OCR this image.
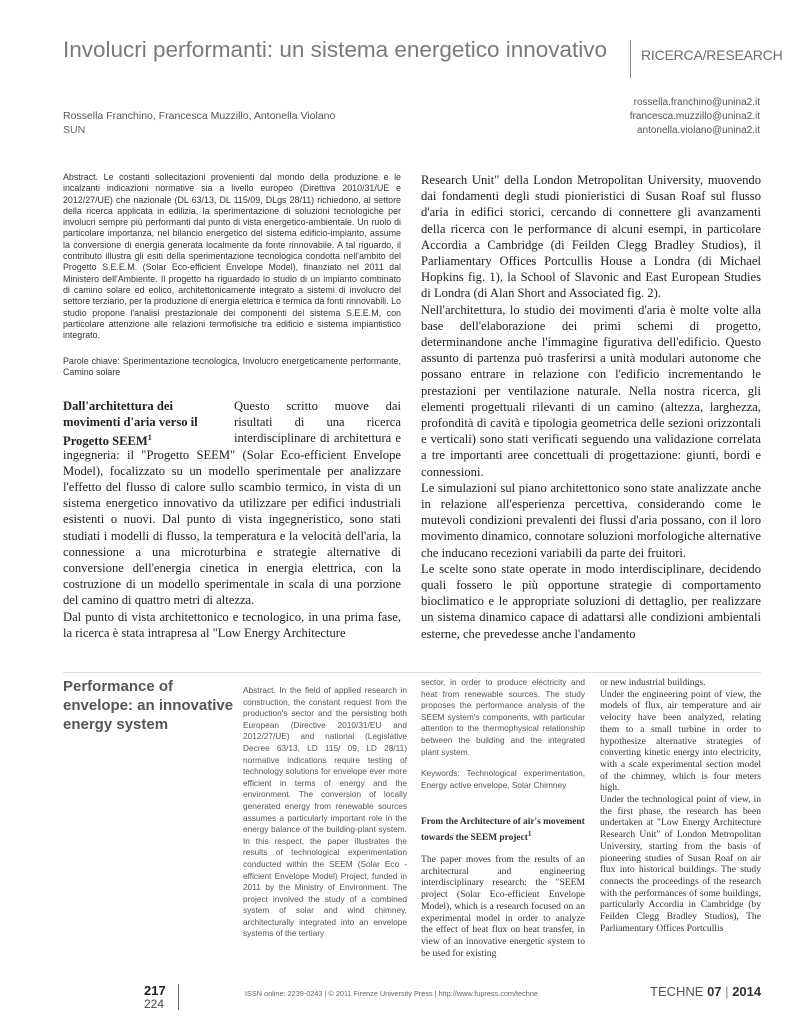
Involucri performanti: un sistema energetico innovativo	RICERCA/RESEARCH
Rossella Franchino, Francesca Muzzillo, Antonella Violano
SUN
rossella.franchino@unina2.it
francesca.muzzillo@unina2.it
antonella.violano@unina2.it

Abstract. Le costanti sollecitazioni provenienti dal mondo della produzione e le incalzanti indicazioni normative sia a livello europeo (Direttiva 2010/31/UE e 2012/27/UE) che nazionale (DL 63/13, DL 115/09, DLgs 28/11) richiedono, al settore della ricerca applicata in edilizia, la sperimentazione di soluzioni tecnologiche per involucri sempre più performanti dal punto di vista energetico-ambientale. Un ruolo di particolare importanza, nel bilancio energetico del sistema edificio-impianto, assume la conversione di energia generata localmente da fonte rinnovabile. A tal riguardo, il contributo illustra gli esiti della sperimentazione tecnologica condotta nell'ambito del Progetto S.E.E.M. (Solar Eco-efficient Envelope Model), finanziato nel 2011 dal Ministero dell'Ambiente. Il progetto ha riguardado lo studio di un impianto combinato di camino solare ed eolico, architettonicamente integrato a sistemi di involucro del settore terziario, per la produzione di energia elettrica e termica da fonti rinnovabili. Lo studio propone l'analisi prestazionale dei componenti del sistema S.E.E.M, con particolare attenzione alle relazioni termofisiche tra edificio e sistema impiantistico integrato.

Parole chiave: Sperimentazione tecnologica, Involucro energeticamente performante, Camino solare

Dall'architettura dei movimenti d'aria verso il Progetto SEEM$^1$
Questo scritto muove dai risultati di una ricerca interdisciplinare di architettura e ingegneria: il "Progetto SEEM" (Solar Eco-efficient Envelope Model), focalizzato su un modello sperimentale per analizzare l'effetto del flusso di calore sullo scambio termico, in vista di un sistema energetico innovativo da utilizzare per edifici industriali esistenti o nuovi. Dal punto di vista ingegneristico, sono stati studiati i modelli di flusso, la temperatura e la velocità dell'aria, la connessione a una microturbina e strategie alternative di conversione dell'energia cinetica in energia elettrica, con la costruzione di un modello sperimentale in scala di una porzione del camino di quattro metri di altezza.
Dal punto di vista architettonico e tecnologico, in una prima fase, la ricerca è stata intrapresa al "Low Energy Architecture

Research Unit" della London Metropolitan University, muovendo dai fondamenti degli studi pionieristici di Susan Roaf sul flusso d'aria in edifici storici, cercando di connettere gli avanzamenti della ricerca con le performance di alcuni esempi, in particolare Accordia a Cambridge (di Feilden Clegg Bradley Studios), il Parliamentary Offices Portcullis House a Londra (di Michael Hopkins fig. 1), la School of Slavonic and East European Studies di Londra (di Alan Short and Associated fig. 2).

Nell'architettura, lo studio dei movimenti d'aria è molte volte alla base dell'elaborazione dei primi schemi di progetto, determinandone anche l'immagine figurativa dell'edificio. Questo assunto di partenza può trasferirsi a unità modulari autonome che possano entrare in relazione con l'edificio incrementando le prestazioni per ventilazione naturale. Nella nostra ricerca, gli elementi progettuali rilevanti di un camino (altezza, larghezza, profondità di cavità e tipologia geometrica delle sezioni orizzontali e verticali) sono stati verificati seguendo una validazione correlata a tre importanti aree concettuali di progettazione: giunti, bordi e connessioni.

Le simulazioni sul piano architettonico sono state analizzate anche in relazione all'esperienza percettiva, considerando come le mutevoli condizioni prevalenti dei flussi d'aria possano, con il loro movimento dinamico, connotare soluzioni morfologiche alternative che inducano recezioni variabili da parte dei fruitori.

Le scelte sono state operate in modo interdisciplinare, decidendo quali fossero le più opportune strategie di comportamento bioclimatico e le appropriate soluzioni di dettaglio, per realizzare un sistema dinamico capace di adattarsi alle condizioni ambientali esterne, che prevedesse anche l'andamento

Performance of envelope: an innovative energy system

Abstract. In the field of applied research in construction, the constant request from the production's sector and the persisting both European (Directive 2010/31/EU and 2012/27/UE) and national (Legislative Decree 63/13, LD 115/ 09, LD 28/11) normative indications require testing of technology solutions for envelope ever more efficient in terms of energy and the environment. The conversion of locally generated energy from renewable sources assumes a particularly important role in the energy balance of the building-plant system. In this respect, the paper illustrates the results of technological experimentation conducted within the SEEM (Solar Eco - efficient Envelope Model) Project, funded in 2011 by the Ministry of Environment. The project involved the study of a combined system of solar and wind chimney, architecturally integrated into an envelope systems of the tertiary

sector, in order to produce electricity and heat from renewable sources. The study proposes the performance analysis of the SEEM system's components, with particular attention to the thermophysical relationship between the building and the integrated plant system.

Keywords: Technological experimentation, Energy active envelope, Solar Chimney

From the Architecture of air's movement towards the SEEM project$^1$

The paper moves from the results of an architectural and engineering interdisciplinary research: the "SEEM project (Solar Eco-efficient Envelope Model), which is a research focused on an experimental model in order to analyze the effect of heat flux on heat transfer, in view of an innovative energetic system to be used for existing

or new industrial buildings.

Under the engineering point of view, the models of flux, air temperature and air velocity have been analyzed, relating them to a small turbine in order to hypothesize alternative strategies of converting kinetic energy into electricity, with a scale experimental section model of the chimney, which is four meters high.

Under the technological point of view, in the first phase, the research has been undertaken at "Low Energy Architecture Research Unit" of London Metropolitan University, starting from the basis of pioneering studies of Susan Roaf on air flux into historical buildings. The study connects the proceedings of the research with the performances of some buildings, particularly Accordia in Cambridge (by Feilden Clegg Bradley Studios), The Parliamentary Offices Portcullis

217
224
ISSN online: 2239-0243 | © 2011 Firenze University Press | http://www.fupress.com/techne	TECHNE 07 | 2014
